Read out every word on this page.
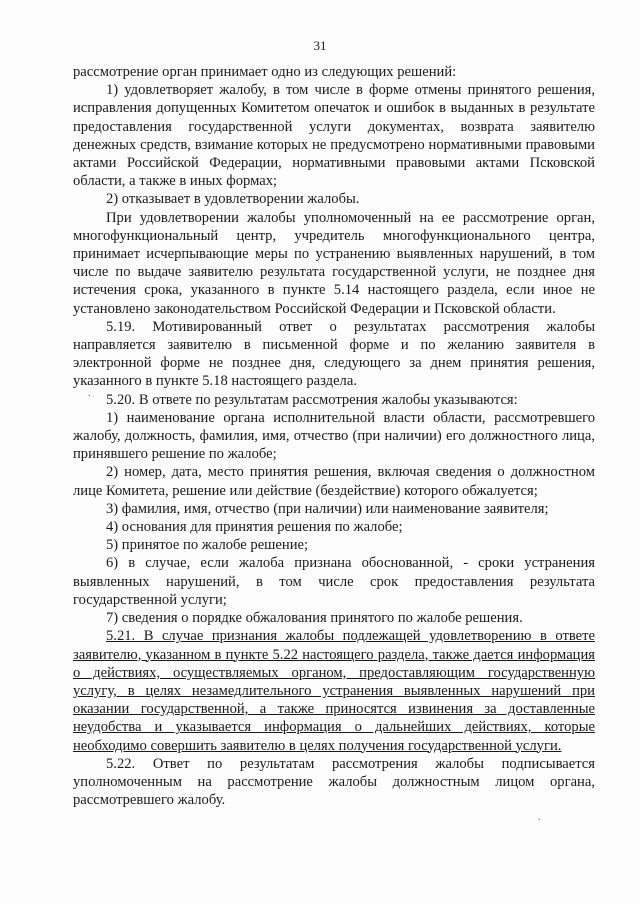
31
.
.

рассмотрение орган принимает одно из следующих решений:

1) удовлетворяет жалобу, в том числе в форме отмены принятого решения, исправления допущенных Комитетом опечаток и ошибок в выданных в результате предоставления государственной услуги документах, возврата заявителю денежных средств, взимание которых не предусмотрено нормативными правовыми актами Российской Федерации, нормативными правовыми актами Псковской области, а также в иных формах;

2) отказывает в удовлетворении жалобы.

При удовлетворении жалобы уполномоченный на ее рассмотрение орган, многофункциональный центр, учредитель многофункционального центра, принимает исчерпывающие меры по устранению выявленных нарушений, в том числе по выдаче заявителю результата государственной услуги, не позднее дня истечения срока, указанного в пункте 5.14 настоящего раздела, если иное не установлено законодательством Российской Федерации и Псковской области.

5.19. Мотивированный ответ о результатах рассмотрения жалобы направляется заявителю в письменной форме и по желанию заявителя в электронной форме не позднее дня, следующего за днем принятия решения, указанного в пункте 5.18 настоящего раздела.

5.20. В ответе по результатам рассмотрения жалобы указываются:

1) наименование органа исполнительной власти области, рассмотревшего жалобу, должность, фамилия, имя, отчество (при наличии) его должностного лица, принявшего решение по жалобе;

2) номер, дата, место принятия решения, включая сведения о должностном лице Комитета, решение или действие (бездействие) которого обжалуется;

3) фамилия, имя, отчество (при наличии) или наименование заявителя;

4) основания для принятия решения по жалобе;

5) принятое по жалобе решение;

6) в случае, если жалоба признана обоснованной, - сроки устранения выявленных нарушений, в том числе срок предоставления результата государственной услуги;

7) сведения о порядке обжалования принятого по жалобе решения.

5.21. В случае признания жалобы подлежащей удовлетворению в ответе заявителю, указанном в пункте 5.22 настоящего раздела, также дается информация о действиях, осуществляемых органом, предоставляющим государственную услугу, в целях незамедлительного устранения выявленных нарушений при оказании государственной, а также приносятся извинения за доставленные неудобства и указывается информация о дальнейших действиях, которые необходимо совершить заявителю в целях получения государственной услуги.

5.22. Ответ по результатам рассмотрения жалобы подписывается уполномоченным на рассмотрение жалобы должностным лицом органа, рассмотревшего жалобу.
